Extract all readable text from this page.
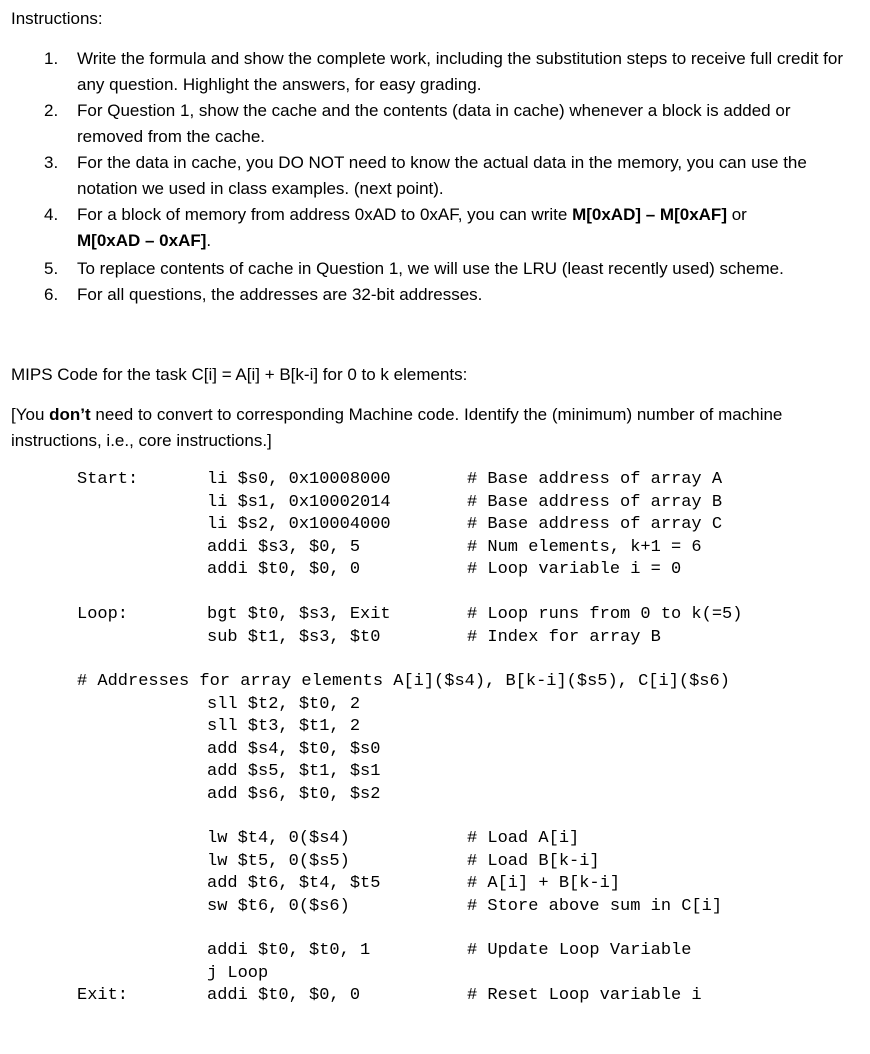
Instructions:
1. Write the formula and show the complete work, including the substitution steps to receive full credit for any question. Highlight the answers, for easy grading.
2. For Question 1, show the cache and the contents (data in cache) whenever a block is added or removed from the cache.
3. For the data in cache, you DO NOT need to know the actual data in the memory, you can use the notation we used in class examples. (next point).
4. For a block of memory from address 0xAD to 0xAF, you can write M[0xAD] – M[0xAF] or
M[0xAD – 0xAF].
5. To replace contents of cache in Question 1, we will use the LRU (least recently used) scheme.
6. For all questions, the addresses are 32-bit addresses.
MIPS Code for the task C[i] = A[i] + B[k-i] for 0 to k elements:
[You don’t need to convert to corresponding Machine code. Identify the (minimum) number of machine
instructions, i.e., core instructions.]
Start:	li $s0, 0x10008000	# Base address of array A
li $s1, 0x10002014	# Base address of array B
li $s2, 0x10004000	# Base address of array C
addi $s3, $0, 5	# Num elements, k+1 = 6
addi $t0, $0, 0	# Loop variable i = 0
Loop:	bgt $t0, $s3, Exit	# Loop runs from 0 to k(=5)
sub $t1, $s3, $t0	# Index for array B
# Addresses for array elements A[i]($s4), B[k-i]($s5), C[i]($s6)
sll $t2, $t0, 2
sll $t3, $t1, 2
add $s4, $t0, $s0
add $s5, $t1, $s1
add $s6, $t0, $s2
lw $t4, 0($s4)	# Load A[i]
lw $t5, 0($s5)	# Load B[k-i]
add $t6, $t4, $t5	# A[i] + B[k-i]
sw $t6, 0($s6)	# Store above sum in C[i]
addi $t0, $t0, 1	# Update Loop Variable
j Loop
Exit:	addi $t0, $0, 0	# Reset Loop variable i
